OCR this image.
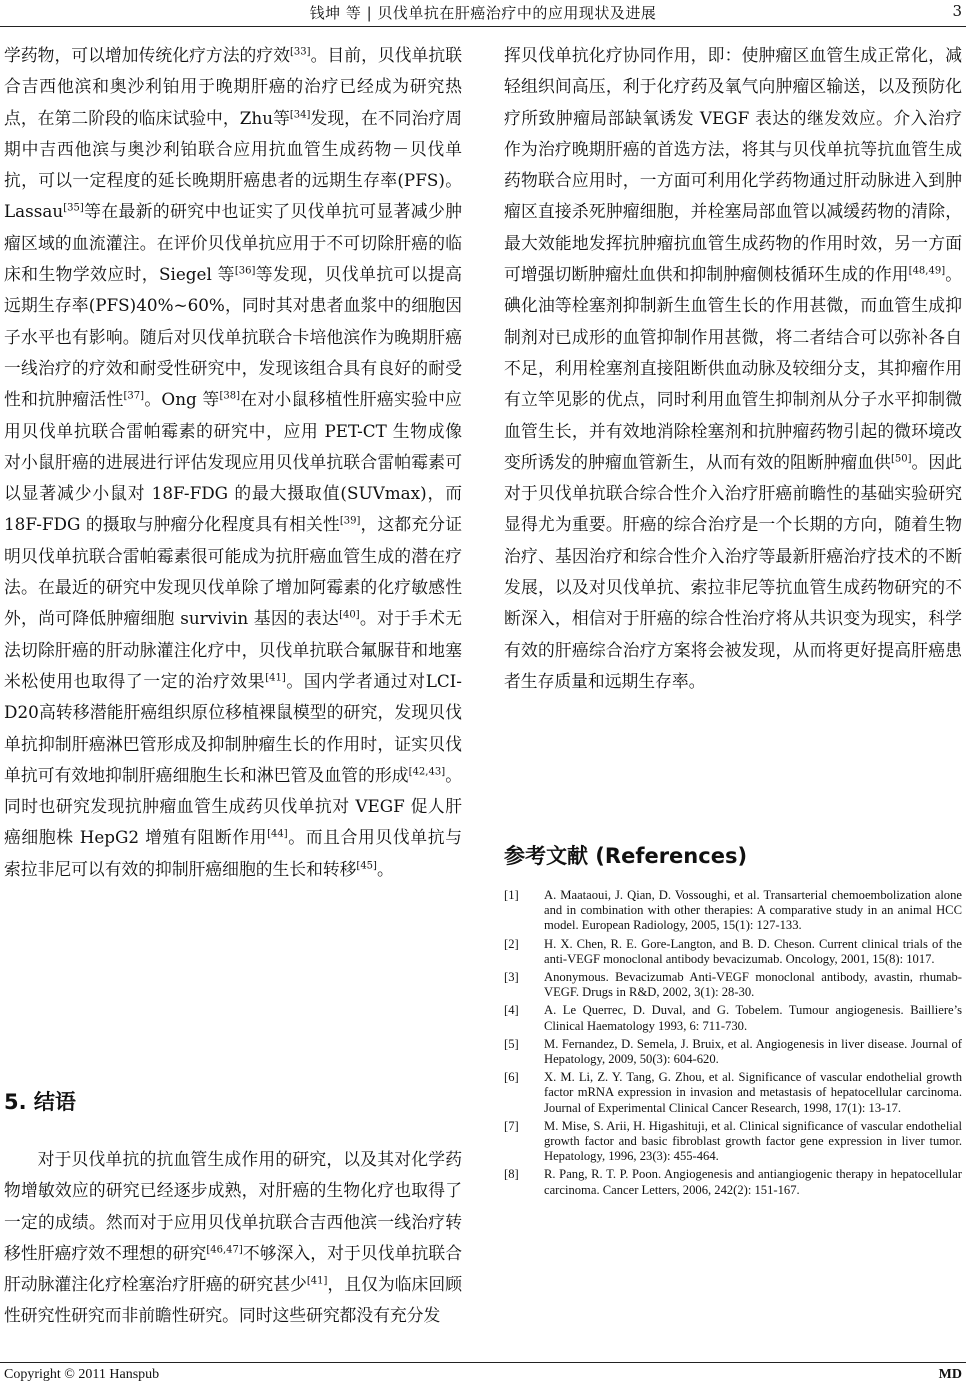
钱坤 等 | 贝伐单抗在肝癌治疗中的应用现状及进展	3

学药物，可以增加传统化疗方法的疗效[33]。目前，贝伐单抗联合吉西他滨和奥沙利铂用于晚期肝癌的治疗已经成为研究热点，在第二阶段的临床试验中，Zhu等[34]发现，在不同治疗周期中吉西他滨与奥沙利铂联合应用抗血管生成药物－贝伐单抗，可以一定程度的延长晚期肝癌患者的远期生存率(PFS)。Lassau[35]等在最新的研究中也证实了贝伐单抗可显著减少肿瘤区域的血流灌注。在评价贝伐单抗应用于不可切除肝癌的临床和生物学效应时，Siegel 等[36]等发现，贝伐单抗可以提高远期生存率(PFS)40%~60%，同时其对患者血浆中的细胞因子水平也有影响。随后对贝伐单抗联合卡培他滨作为晚期肝癌一线治疗的疗效和耐受性研究中，发现该组合具有良好的耐受性和抗肿瘤活性[37]。Ong 等[38]在对小鼠移植性肝癌实验中应用贝伐单抗联合雷帕霉素的研究中，应用 PET-CT 生物成像对小鼠肝癌的进展进行评估发现应用贝伐单抗联合雷帕霉素可以显著减少小鼠对 18F-FDG 的最大摄取值(SUVmax)，而 18F-FDG 的摄取与肿瘤分化程度具有相关性[39]，这都充分证明贝伐单抗联合雷帕霉素很可能成为抗肝癌血管生成的潜在疗法。在最近的研究中发现贝伐单除了增加阿霉素的化疗敏感性外，尚可降低肿瘤细胞 survivin 基因的表达[40]。对于手术无法切除肝癌的肝动脉灌注化疗中，贝伐单抗联合氟脲苷和地塞米松使用也取得了一定的治疗效果[41]。国内学者通过对LCI-D20高转移潜能肝癌组织原位移植裸鼠模型的研究，发现贝伐单抗抑制肝癌淋巴管形成及抑制肿瘤生长的作用时，证实贝伐单抗可有效地抑制肝癌细胞生长和淋巴管及血管的形成[42,43]。同时也研究发现抗肿瘤血管生成药贝伐单抗对 VEGF 促人肝癌细胞株 HepG2 增殖有阻断作用[44]。而且合用贝伐单抗与索拉非尼可以有效的抑制肝癌细胞的生长和转移[45]。

5. 结语

对于贝伐单抗的抗血管生成作用的研究，以及其对化学药物增敏效应的研究已经逐步成熟，对肝癌的生物化疗也取得了一定的成绩。然而对于应用贝伐单抗联合吉西他滨一线治疗转移性肝癌疗效不理想的研究[46,47]不够深入，对于贝伐单抗联合肝动脉灌注化疗栓塞治疗肝癌的研究甚少[41]，且仅为临床回顾性研究性研究而非前瞻性研究。同时这些研究都没有充分发

挥贝伐单抗化疗协同作用，即：使肿瘤区血管生成正常化，减轻组织间高压，利于化疗药及氧气向肿瘤区输送，以及预防化疗所致肿瘤局部缺氧诱发 VEGF 表达的继发效应。介入治疗作为治疗晚期肝癌的首选方法，将其与贝伐单抗等抗血管生成药物联合应用时，一方面可利用化学药物通过肝动脉进入到肿瘤区直接杀死肿瘤细胞，并栓塞局部血管以减缓药物的清除，最大效能地发挥抗肿瘤抗血管生成药物的作用时效，另一方面可增强切断肿瘤灶血供和抑制肿瘤侧枝循环生成的作用[48,49]。碘化油等栓塞剂抑制新生血管生长的作用甚微，而血管生成抑制剂对已成形的血管抑制作用甚微，将二者结合可以弥补各自不足，利用栓塞剂直接阻断供血动脉及较细分支，其抑瘤作用有立竿见影的优点，同时利用血管生抑制剂从分子水平抑制微血管生长，并有效地消除栓塞剂和抗肿瘤药物引起的微环境改变所诱发的肿瘤血管新生，从而有效的阻断肿瘤血供[50]。因此对于贝伐单抗联合综合性介入治疗肝癌前瞻性的基础实验研究显得尤为重要。肝癌的综合治疗是一个长期的方向，随着生物治疗、基因治疗和综合性介入治疗等最新肝癌治疗技术的不断发展，以及对贝伐单抗、索拉非尼等抗血管生成药物研究的不断深入，相信对于肝癌的综合性治疗将从共识变为现实，科学有效的肝癌综合治疗方案将会被发现，从而将更好提高肝癌患者生存质量和远期生存率。

参考文献 (References)
[1]	A. Maataoui, J. Qian, D. Vossoughi, et al. Transarterial chemoembolization alone and in combination with other therapies: A comparative study in an animal HCC model. European Radiology, 2005, 15(1): 127-133.
[2]	H. X. Chen, R. E. Gore-Langton, and B. D. Cheson. Current clinical trials of the anti-VEGF monoclonal antibody bevacizumab. Oncology, 2001, 15(8): 1017.
[3]	Anonymous. Bevacizumab Anti-VEGF monoclonal antibody, avastin, rhumab-VEGF. Drugs in R&D, 2002, 3(1): 28-30.
[4]	A. Le Querrec, D. Duval, and G. Tobelem. Tumour angiogenesis. Bailliere’s Clinical Haematology 1993, 6: 711-730.
[5]	M. Fernandez, D. Semela, J. Bruix, et al. Angiogenesis in liver disease. Journal of Hepatology, 2009, 50(3): 604-620.
[6]	X. M. Li, Z. Y. Tang, G. Zhou, et al. Significance of vascular endothelial growth factor mRNA expression in invasion and metastasis of hepatocellular carcinoma. Journal of Experimental Clinical Cancer Research, 1998, 17(1): 13-17.
[7]	M. Mise, S. Arii, H. Higashituji, et al. Clinical significance of vascular endothelial growth factor and basic fibroblast growth factor gene expression in liver tumor. Hepatology, 1996, 23(3): 455-464.
[8]	R. Pang, R. T. P. Poon. Angiogenesis and antiangiogenic therapy in hepatocellular carcinoma. Cancer Letters, 2006, 242(2): 151-167.
Copyright © 2011 Hanspub	MD
